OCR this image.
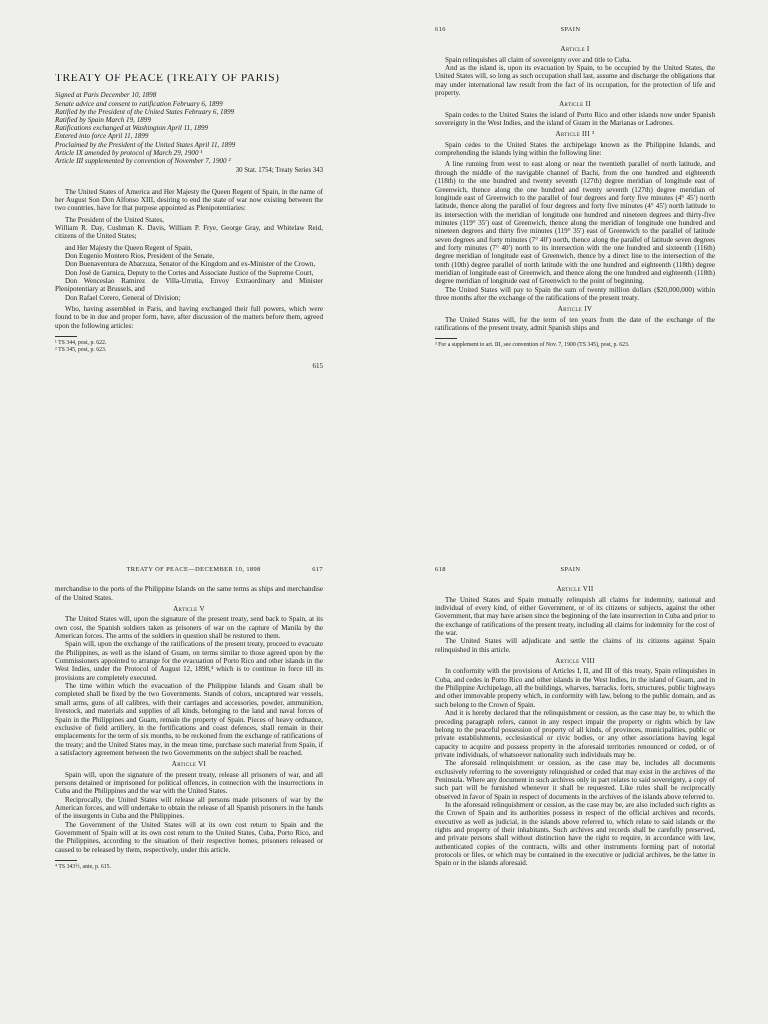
TREATY OF PEACE (TREATY OF PARIS)

Signed at Paris December 10, 1898

Senate advice and consent to ratification February 6, 1899

Ratified by the President of the United States February 6, 1899

Ratified by Spain March 19, 1899

Ratifications exchanged at Washington April 11, 1899

Entered into force April 11, 1899

Proclaimed by the President of the United States April 11, 1899

Article IX amended by protocol of March 29, 1900 ¹

Article III supplemented by convention of November 7, 1900 ²

30 Stat. 1754; Treaty Series 343

The United States of America and Her Majesty the Queen Regent of Spain, in the name of her August Son Don Alfonso XIII, desiring to end the state of war now existing between the two countries, have for that purpose appointed as Plenipotentiaries:

The President of the United States,

William R. Day, Cushman K. Davis, William P. Frye, George Gray, and Whitelaw Reid, citizens of the United States;

and Her Majesty the Queen Regent of Spain,

Don Eugenio Montero Rios, President of the Senate,

Don Buenaventura de Abarzuza, Senator of the Kingdom and ex-Minister of the Crown,

Don José de Garnica, Deputy to the Cortes and Associate Justice of the Supreme Court,

Don Wenceslao Ramirez de Villa-Urrutia, Envoy Extraordinary and Minister Plenipotentiary at Brussels, and

Don Rafael Cerero, General of Division;

Who, having assembled in Paris, and having exchanged their full powers, which were found to be in due and proper form, have, after discussion of the matters before them, agreed upon the following articles:

¹ TS 344, post, p. 622.
² TS 345, post, p. 623.
615
616	SPAIN
Article I

Spain relinquishes all claim of sovereignty over and title to Cuba.

And as the island is, upon its evacuation by Spain, to be occupied by the United States, the United States will, so long as such occupation shall last, assume and discharge the obligations that may under international law result from the fact of its occupation, for the protection of life and property.

Article II

Spain cedes to the United States the island of Porto Rico and other islands now under Spanish sovereignty in the West Indies, and the island of Guam in the Marianas or Ladrones.

Article III ³

Spain cedes to the United States the archipelago known as the Philippine Islands, and comprehending the islands lying within the following line:

A line running from west to east along or near the twentieth parallel of north latitude, and through the middle of the navigable channel of Bachi, from the one hundred and eighteenth (118th) to the one hundred and twenty seventh (127th) degree meridian of longitude east of Greenwich, thence along the one hundred and twenty seventh (127th) degree meridian of longitude east of Greenwich to the parallel of four degrees and forty five minutes (4° 45′) north latitude, thence along the parallel of four degrees and forty five minutes (4° 45′) north latitude to its intersection with the meridian of longitude one hundred and nineteen degrees and thirty-five minutes (119° 35′) east of Greenwich, thence along the meridian of longitude one hundred and nineteen degrees and thirty five minutes (119° 35′) east of Greenwich to the parallel of latitude seven degrees and forty minutes (7° 40′) north, thence along the parallel of latitude seven degrees and forty minutes (7° 40′) north to its intersection with the one hundred and sixteenth (116th) degree meridian of longitude east of Greenwich, thence by a direct line to the intersection of the tenth (10th) degree parallel of north latitude with the one hundred and eighteenth (118th) degree meridian of longitude east of Greenwich, and thence along the one hundred and eighteenth (118th) degree meridian of longitude east of Greenwich to the point of beginning.

The United States will pay to Spain the sum of twenty million dollars ($20,000,000) within three months after the exchange of the ratifications of the present treaty.

Article IV

The United States will, for the term of ten years from the date of the exchange of the ratifications of the present treaty, admit Spanish ships and

³ For a supplement to art. III, see convention of Nov. 7, 1900 (TS 345), post, p. 623.
TREATY OF PEACE—DECEMBER 10, 1898	617

merchandise to the ports of the Philippine Islands on the same terms as ships and merchandise of the United States.

Article V

The United States will, upon the signature of the present treaty, send back to Spain, at its own cost, the Spanish soldiers taken as prisoners of war on the capture of Manila by the American forces. The arms of the soldiers in question shall be restored to them.

Spain will, upon the exchange of the ratifications of the present treaty, proceed to evacuate the Philippines, as well as the island of Guam, on terms similar to those agreed upon by the Commissioners appointed to arrange for the evacuation of Porto Rico and other islands in the West Indies, under the Protocol of August 12, 1898,⁴ which is to continue in force till its provisions are completely executed.

The time within which the evacuation of the Philippine Islands and Guam shall be completed shall be fixed by the two Governments. Stands of colors, uncaptured war vessels, small arms, guns of all calibres, with their carriages and accessories, powder, ammunition, livestock, and materials and supplies of all kinds, belonging to the land and naval forces of Spain in the Philippines and Guam, remain the property of Spain. Pieces of heavy ordnance, exclusive of field artillery, in the fortifications and coast defences, shall remain in their emplacements for the term of six months, to be reckoned from the exchange of ratifications of the treaty; and the United States may, in the mean time, purchase such material from Spain, if a satisfactory agreement between the two Governments on the subject shall be reached.

Article VI

Spain will, upon the signature of the present treaty, release all prisoners of war, and all persons detained or imprisoned for political offences, in connection with the insurrections in Cuba and the Philippines and the war with the United States.

Reciprocally, the United States will release all persons made prisoners of war by the American forces, and will undertake to obtain the release of all Spanish prisoners in the hands of the insurgents in Cuba and the Philippines.

The Government of the United States will at its own cost return to Spain and the Government of Spain will at its own cost return to the United States, Cuba, Porto Rico, and the Philippines, according to the situation of their respective homes, prisoners released or caused to be released by them, respectively, under this article.

⁴ TS 343½, ante, p. 615.
618	SPAIN
Article VII

The United States and Spain mutually relinquish all claims for indemnity, national and individual of every kind, of either Government, or of its citizens or subjects, against the other Government, that may have arisen since the beginning of the late insurrection in Cuba and prior to the exchange of ratifications of the present treaty, including all claims for indemnity for the cost of the war.

The United States will adjudicate and settle the claims of its citizens against Spain relinquished in this article.

Article VIII

In conformity with the provisions of Articles I, II, and III of this treaty, Spain relinquishes in Cuba, and cedes in Porto Rico and other islands in the West Indies, in the island of Guam, and in the Philippine Archipelago, all the buildings, wharves, barracks, forts, structures, public highways and other immovable property which, in conformity with law, belong to the public domain, and as such belong to the Crown of Spain.

And it is hereby declared that the relinquishment or cession, as the case may be, to which the preceding paragraph refers, cannot in any respect impair the property or rights which by law belong to the peaceful possession of property of all kinds, of provinces, municipalities, public or private establishments, ecclesiastical or civic bodies, or any other associations having legal capacity to acquire and possess property in the aforesaid territories renounced or ceded, or of private individuals, of whatsoever nationality such individuals may be.

The aforesaid relinquishment or cession, as the case may be, includes all documents exclusively referring to the sovereignty relinquished or ceded that may exist in the archives of the Peninsula. Where any document in such archives only in part relates to said sovereignty, a copy of such part will be furnished whenever it shall be requested. Like rules shall be reciprocally observed in favor of Spain in respect of documents in the archives of the islands above referred to.

In the aforesaid relinquishment or cession, as the case may be, are also included such rights as the Crown of Spain and its authorities possess in respect of the official archives and records, executive as well as judicial, in the islands above referred to, which relate to said islands or the rights and property of their inhabitants. Such archives and records shall be carefully preserved, and private persons shall without distinction have the right to require, in accordance with law, authenticated copies of the contracts, wills and other instruments forming part of notorial protocols or files, or which may be contained in the executive or judicial archives, be the latter in Spain or in the islands aforesaid.
